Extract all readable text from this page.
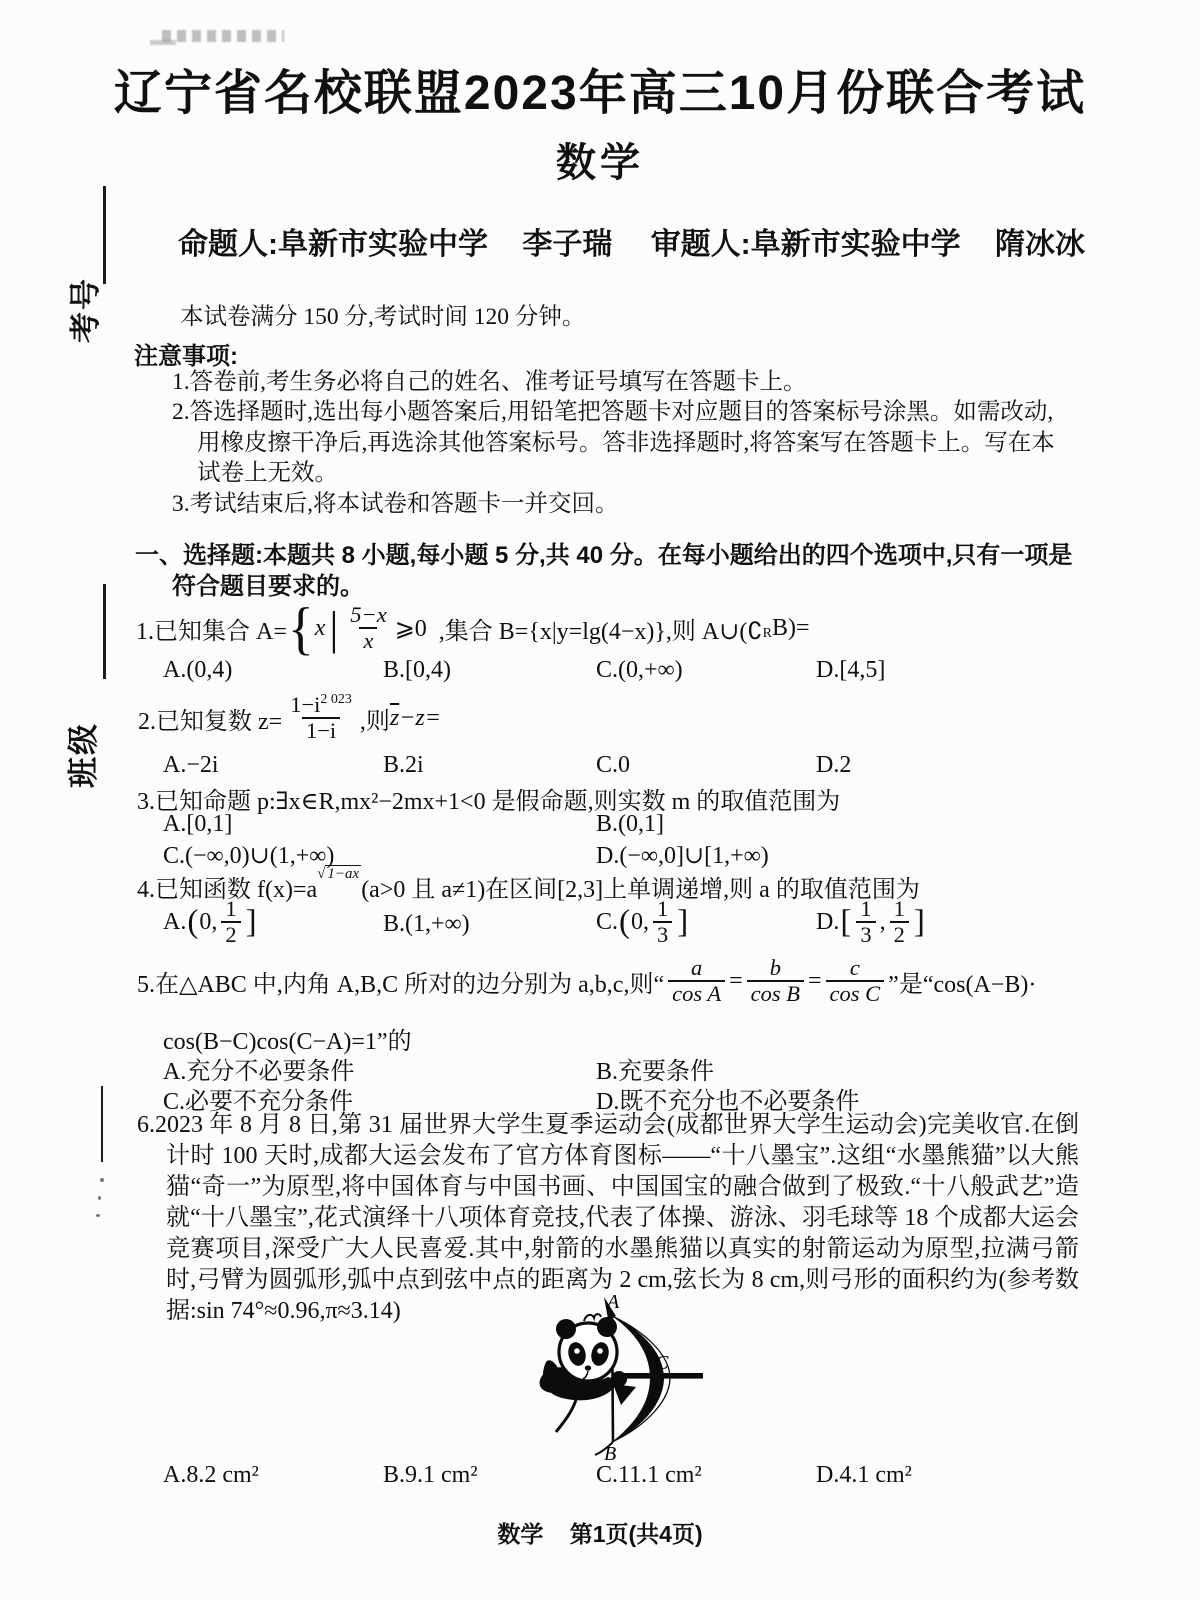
考号
班级
辽宁省名校联盟2023年高三10月份联合考试
数学
命题人:阜新市实验中学 李子瑞 审题人:阜新市实验中学 隋冰冰

本试卷满分 150 分,考试时间 120 分钟。

注意事项:

1.答卷前,考生务必将自己的姓名、准考证号填写在答题卡上。

2.答选择题时,选出每小题答案后,用铅笔把答题卡对应题目的答案标号涂黑。如需改动,用橡皮擦干净后,再选涂其他答案标号。答非选择题时,将答案写在答题卡上。写在本试卷上无效。

3.考试结束后,将本试卷和答题卡一并交回。

一、选择题:本题共 8 小题,每小题 5 分,共 40 分。在每小题给出的四个选项中,只有一项是符合题目要求的。

1.已知集合 A= { x | $\frac{5-x}{x}$ ⩾0 ,集合 B={x|y=lg(4−x)},则 A∪(∁ R B)=
A.(0,4)	B.[0,4)	C.(0,+∞)	D.[4,5]
2.已知复数 $z= \frac{1-i^{2 023}}{1-i}$ ,则 $\overline{z} -z=$
A.−2i	B.2i	C.0	D.2

3.已知命题 p:∃x∈R,mx²−2mx+1<0 是假命题,则实数 m 的取值范围为

A.[0,1]	B.(0,1]
C.(−∞,0)∪(1,+∞)	D.(−∞,0]∪[1,+∞)
4.已知函数 f(x)=a
√ 1−ax
(a>0 且 a≠1)在区间[2,3]上单调递增,则 a 的取值范围为
A. ( 0, $\frac{1}{2}$ ]	B.(1,+∞)	C. ( 0, $\frac{1}{3}$ ]	D. [ $\frac{1}{3}$ , $\frac{1}{2}$ ]
5.在△ABC 中,内角 A,B,C 所对的边分别为 a,b,c,则“ $\frac{a}{\text{cos A}} = \frac{b}{\text{cos B}} = \frac{c}{\text{cos C}}$ ”是“cos(A−B)·

cos(B−C)cos(C−A)=1”的

A.充分不必要条件	B.充要条件
C.必要不充分条件	D.既不充分也不必要条件

6.2023 年 8 月 8 日,第 31 届世界大学生夏季运动会(成都世界大学生运动会)完美收官.在倒计时 100 天时,成都大运会发布了官方体育图标——“十八墨宝”.这组“水墨熊猫”以大熊猫“奇一”为原型,将中国体育与中国书画、中国国宝的融合做到了极致.“十八般武艺”造就“十八墨宝”,花式演绎十八项体育竞技,代表了体操、游泳、羽毛球等 18 个成都大运会竞赛项目,深受广大人民喜爱.其中,射箭的水墨熊猫以真实的射箭运动为原型,拉满弓箭时,弓臂为圆弧形,弧中点到弦中点的距离为 2 cm,弦长为 8 cm,则弓形的面积约为(参考数据:sin 74°≈0.96,π≈3.14)	A
C
B
A.8.2 cm²	B.9.1 cm²	C.11.1 cm²	D.4.1 cm²
数学 第1页(共4页)
